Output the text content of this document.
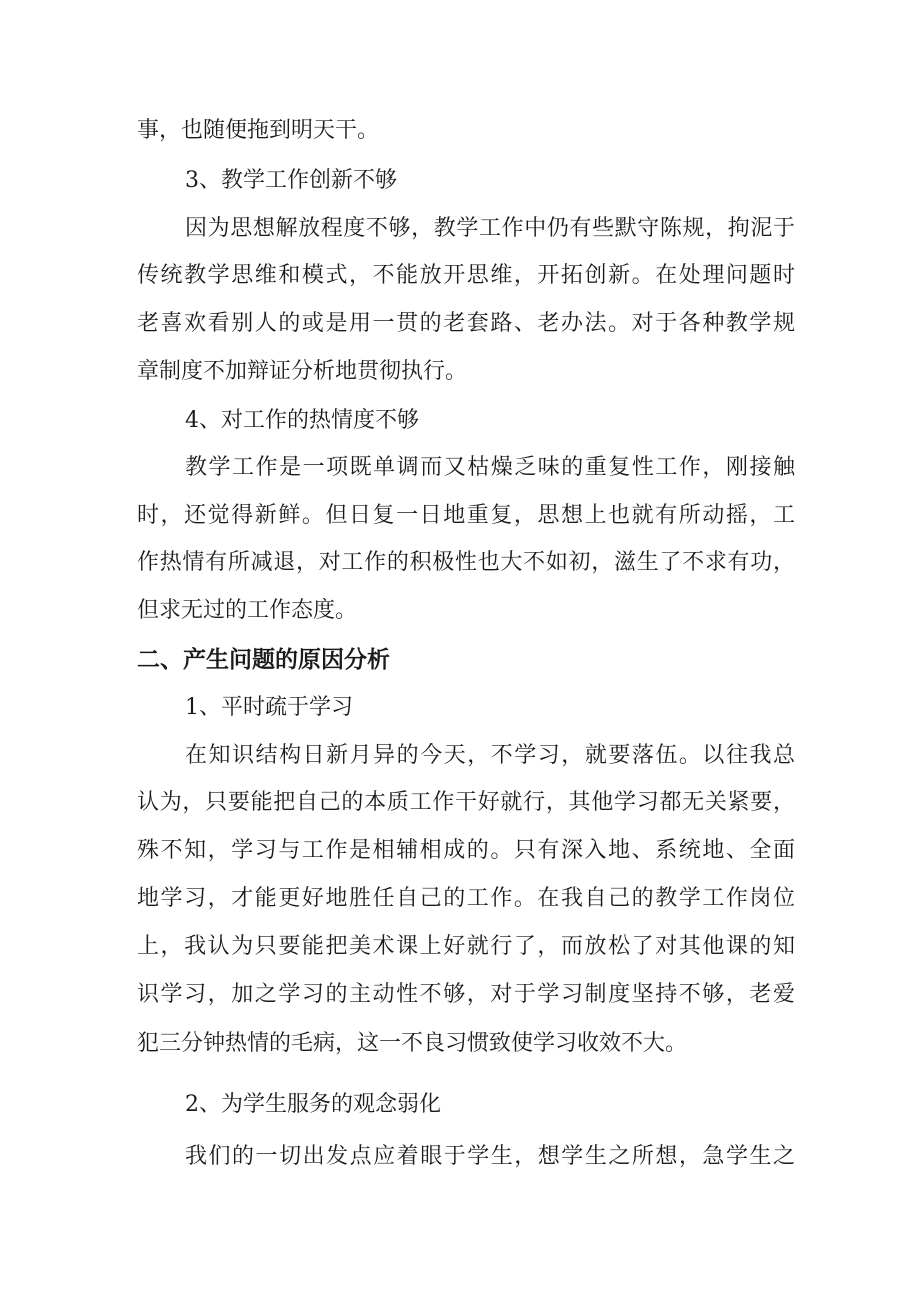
事，也随便拖到明天干。
3、教学工作创新不够
因为思想解放程度不够，教学工作中仍有些默守陈规，拘泥于
传统教学思维和模式，不能放开思维，开拓创新。在处理问题时
老喜欢看别人的或是用一贯的老套路、老办法。对于各种教学规
章制度不加辩证分析地贯彻执行。
4、对工作的热情度不够
教学工作是一项既单调而又枯燥乏味的重复性工作，刚接触
时，还觉得新鲜。但日复一日地重复，思想上也就有所动摇，工
作热情有所减退，对工作的积极性也大不如初，滋生了不求有功，
但求无过的工作态度。
二、产生问题的原因分析
1、平时疏于学习
在知识结构日新月异的今天，不学习，就要落伍。以往我总
认为，只要能把自己的本质工作干好就行，其他学习都无关紧要，
殊不知，学习与工作是相辅相成的。只有深入地、系统地、全面
地学习，才能更好地胜任自己的工作。在我自己的教学工作岗位
上，我认为只要能把美术课上好就行了，而放松了对其他课的知
识学习，加之学习的主动性不够，对于学习制度坚持不够，老爱
犯三分钟热情的毛病，这一不良习惯致使学习收效不大。
2、为学生服务的观念弱化
我们的一切出发点应着眼于学生，想学生之所想，急学生之
